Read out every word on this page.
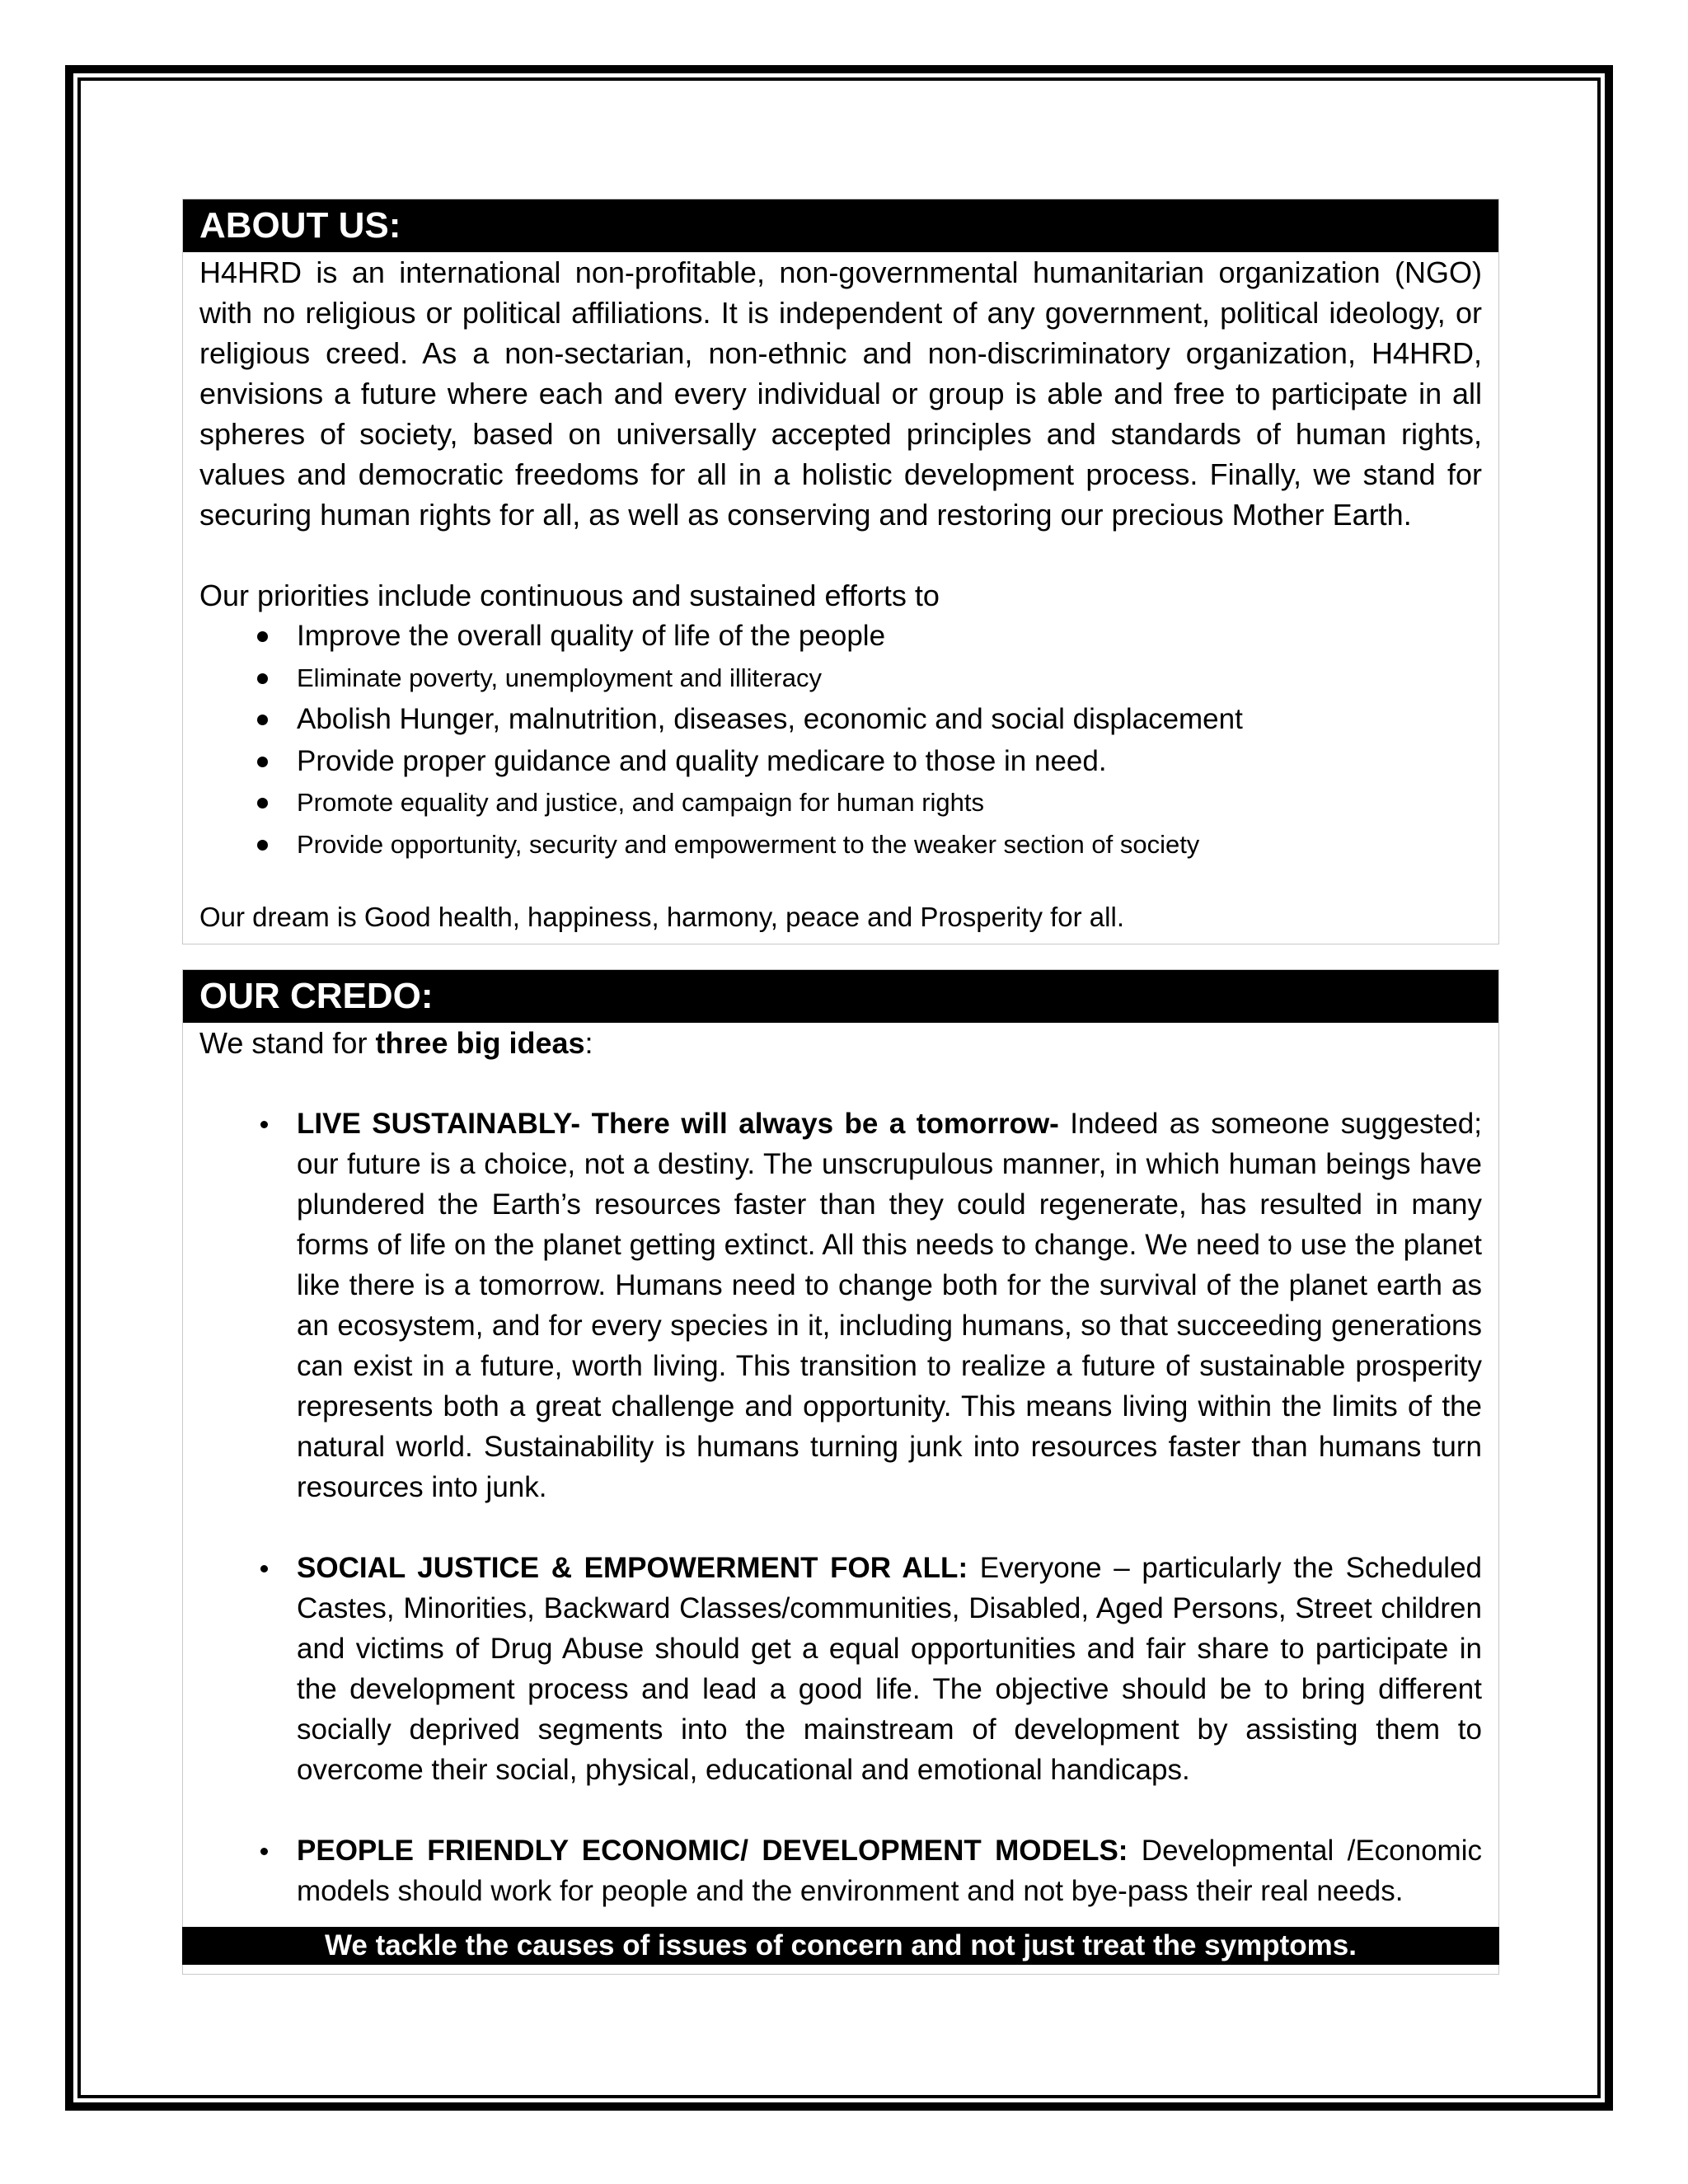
ABOUT US:

H4HRD is an international non-profitable, non-governmental humanitarian organization (NGO) with no religious or political affiliations. It is independent of any government, political ideology, or religious creed. As a non-sectarian, non-ethnic and non-discriminatory organization, H4HRD, envisions a future where each and every individual or group is able and free to participate in all spheres of society, based on universally accepted principles and standards of human rights, values and democratic freedoms for all in a holistic development process. Finally, we stand for securing human rights for all, as well as conserving and restoring our precious Mother Earth.

Our priorities include continuous and sustained efforts to

Improve the overall quality of life of the people
Eliminate poverty, unemployment and illiteracy
Abolish Hunger, malnutrition, diseases, economic and social displacement
Provide proper guidance and quality medicare to those in need.
Promote equality and justice, and campaign for human rights
Provide opportunity, security and empowerment to the weaker section of society

Our dream is Good health, happiness, harmony, peace and Prosperity for all.

OUR CREDO:

We stand for three big ideas:

LIVE SUSTAINABLY- There will always be a tomorrow- Indeed as someone suggested; our future is a choice, not a destiny. The unscrupulous manner, in which human beings have plundered the Earth’s resources faster than they could regenerate, has resulted in many forms of life on the planet getting extinct. All this needs to change. We need to use the planet like there is a tomorrow. Humans need to change both for the survival of the planet earth as an ecosystem, and for every species in it, including humans, so that succeeding generations can exist in a future, worth living. This transition to realize a future of sustainable prosperity represents both a great challenge and opportunity. This means living within the limits of the natural world. Sustainability is humans turning junk into resources faster than humans turn resources into junk.
SOCIAL JUSTICE & EMPOWERMENT FOR ALL: Everyone – particularly the Scheduled Castes, Minorities, Backward Classes/communities, Disabled, Aged Persons, Street children and victims of Drug Abuse should get a equal opportunities and fair share to participate in the development process and lead a good life. The objective should be to bring different socially deprived segments into the mainstream of development by assisting them to overcome their social, physical, educational and emotional handicaps.
PEOPLE FRIENDLY ECONOMIC/ DEVELOPMENT MODELS: Developmental /Economic models should work for people and the environment and not bye-pass their real needs.
We tackle the causes of issues of concern and not just treat the symptoms.
